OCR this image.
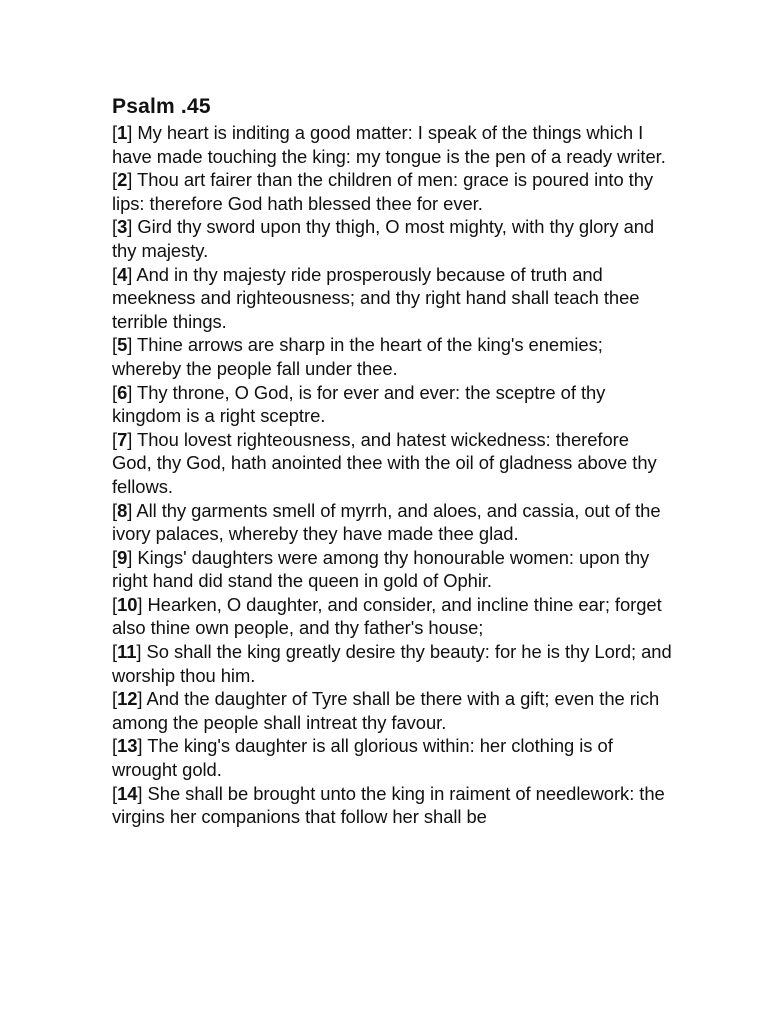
Psalm .45

[1] My heart is inditing a good matter: I speak of the things which I have made touching the king: my tongue is the pen of a ready writer.

[2] Thou art fairer than the children of men: grace is poured into thy lips: therefore God hath blessed thee for ever.

[3] Gird thy sword upon thy thigh, O most mighty, with thy glory and thy majesty.

[4] And in thy majesty ride prosperously because of truth and meekness and righteousness; and thy right hand shall teach thee terrible things.

[5] Thine arrows are sharp in the heart of the king's enemies; whereby the people fall under thee.

[6] Thy throne, O God, is for ever and ever: the sceptre of thy kingdom is a right sceptre.

[7] Thou lovest righteousness, and hatest wickedness: therefore God, thy God, hath anointed thee with the oil of gladness above thy fellows.

[8] All thy garments smell of myrrh, and aloes, and cassia, out of the ivory palaces, whereby they have made thee glad.

[9] Kings' daughters were among thy honourable women: upon thy right hand did stand the queen in gold of Ophir.

[10] Hearken, O daughter, and consider, and incline thine ear; forget also thine own people, and thy father's house;

[11] So shall the king greatly desire thy beauty: for he is thy Lord; and worship thou him.

[12] And the daughter of Tyre shall be there with a gift; even the rich among the people shall intreat thy favour.

[13] The king's daughter is all glorious within: her clothing is of wrought gold.

[14] She shall be brought unto the king in raiment of needlework: the virgins her companions that follow her shall be
